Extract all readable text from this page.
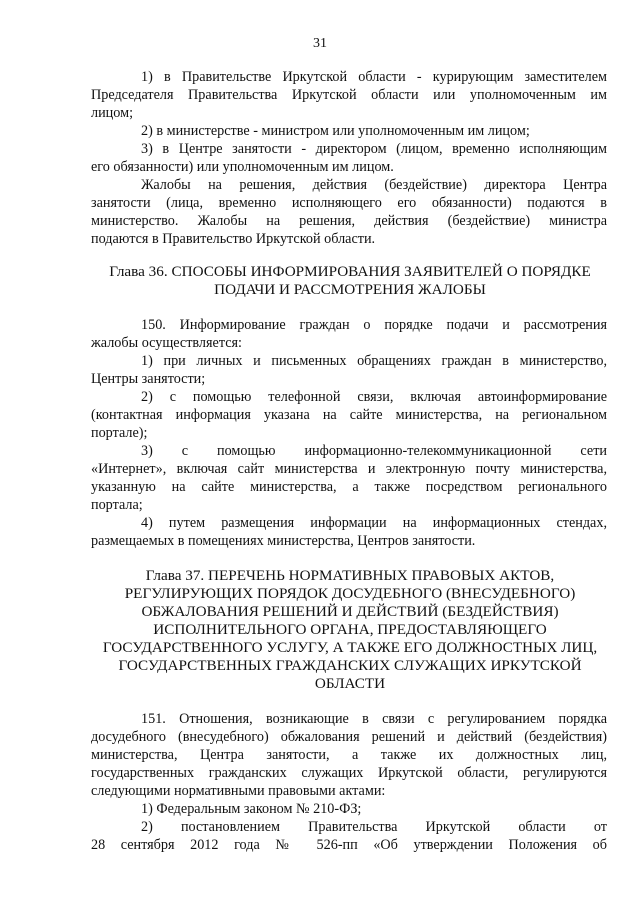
31
1) в Правительстве Иркутской области - курирующим заместителем
Председателя Правительства Иркутской области или уполномоченным им
лицом;
2) в министерстве - министром или уполномоченным им лицом;
3) в Центре занятости - директором (лицом, временно исполняющим
его обязанности) или уполномоченным им лицом.
Жалобы на решения, действия (бездействие) директора Центра
занятости (лица, временно исполняющего его обязанности) подаются в
министерство. Жалобы на решения, действия (бездействие) министра
подаются в Правительство Иркутской области.
Глава 36. СПОСОБЫ ИНФОРМИРОВАНИЯ ЗАЯВИТЕЛЕЙ О ПОРЯДКЕ
ПОДАЧИ И РАССМОТРЕНИЯ ЖАЛОБЫ
150. Информирование граждан о порядке подачи и рассмотрения
жалобы осуществляется:
1) при личных и письменных обращениях граждан в министерство,
Центры занятости;
2) с помощью телефонной связи, включая автоинформирование
(контактная информация указана на сайте министерства, на региональном
портале);
3) с помощью информационно-телекоммуникационной сети
«Интернет», включая сайт министерства и электронную почту министерства,
указанную на сайте министерства, а также посредством регионального
портала;
4) путем размещения информации на информационных стендах,
размещаемых в помещениях министерства, Центров занятости.
Глава 37. ПЕРЕЧЕНЬ НОРМАТИВНЫХ ПРАВОВЫХ АКТОВ,
РЕГУЛИРУЮЩИХ ПОРЯДОК ДОСУДЕБНОГО (ВНЕСУДЕБНОГО)
ОБЖАЛОВАНИЯ РЕШЕНИЙ И ДЕЙСТВИЙ (БЕЗДЕЙСТВИЯ)
ИСПОЛНИТЕЛЬНОГО ОРГАНА, ПРЕДОСТАВЛЯЮЩЕГО
ГОСУДАРСТВЕННОГО УСЛУГУ, А ТАКЖЕ ЕГО ДОЛЖНОСТНЫХ ЛИЦ,
ГОСУДАРСТВЕННЫХ ГРАЖДАНСКИХ СЛУЖАЩИХ ИРКУТСКОЙ
ОБЛАСТИ
151. Отношения, возникающие в связи с регулированием порядка
досудебного (внесудебного) обжалования решений и действий (бездействия)
министерства, Центра занятости, а также их должностных лиц,
государственных гражданских служащих Иркутской области, регулируются
следующими нормативными правовыми актами:
1) Федеральным законом № 210-ФЗ;
2) постановлением Правительства Иркутской области от
28 сентября 2012 года № 526-пп «Об утверждении Положения об
